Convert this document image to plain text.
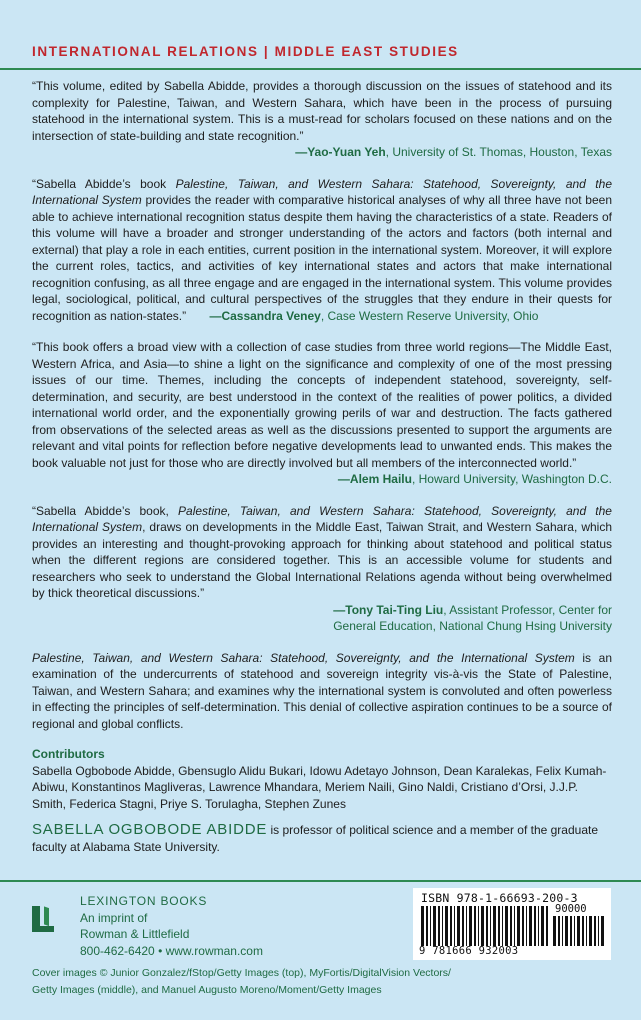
INTERNATIONAL RELATIONS | MIDDLE EAST STUDIES

“This volume, edited by Sabella Abidde, provides a thorough discussion on the issues of statehood and its complexity for Palestine, Taiwan, and Western Sahara, which have been in the process of pursuing statehood in the international system. This is a must-read for scholars focused on these nations and on the intersection of state-building and state recognition.”

—Yao-Yuan Yeh, University of St. Thomas, Houston, Texas

“Sabella Abidde’s book Palestine, Taiwan, and Western Sahara: Statehood, Sovereignty, and the International System provides the reader with comparative historical analyses of why all three have not been able to achieve international recognition status despite them having the characteristics of a state. Readers of this volume will have a broader and stronger understanding of the actors and factors (both internal and external) that play a role in each entities, current position in the international system. Moreover, it will explore the current roles, tactics, and activities of key international states and actors that make international recognition confusing, as all three engage and are engaged in the international system. This volume provides legal, sociological, political, and cultural perspectives of the struggles that they endure in their quests for recognition as nation-states.” —Cassandra Veney, Case Western Reserve University, Ohio

“This book offers a broad view with a collection of case studies from three world regions—The Middle East, Western Africa, and Asia—to shine a light on the significance and complexity of one of the most pressing issues of our time. Themes, including the concepts of independent statehood, sovereignty, self-determination, and security, are best understood in the context of the realities of power politics, a divided international world order, and the exponentially growing perils of war and destruction. The facts gathered from observations of the selected areas as well as the discussions presented to support the arguments are relevant and vital points for reflection before negative developments lead to unwanted ends. This makes the book valuable not just for those who are directly involved but all members of the interconnected world.”

—Alem Hailu, Howard University, Washington D.C.

“Sabella Abidde’s book, Palestine, Taiwan, and Western Sahara: Statehood, Sovereignty, and the International System, draws on developments in the Middle East, Taiwan Strait, and Western Sahara, which provides an interesting and thought-provoking approach for thinking about statehood and political status when the different regions are considered together. This is an accessible volume for students and researchers who seek to understand the Global International Relations agenda without being overwhelmed by thick theoretical discussions.”

—Tony Tai-Ting Liu, Assistant Professor, Center for
General Education, National Chung Hsing University

Palestine, Taiwan, and Western Sahara: Statehood, Sovereignty, and the International System is an examination of the undercurrents of statehood and sovereign integrity vis-à-vis the State of Palestine, Taiwan, and Western Sahara; and examines why the international system is convoluted and often powerless in effecting the principles of self-determination. This denial of collective aspiration continues to be a source of regional and global conflicts.

Contributors

Sabella Ogbobode Abidde, Gbensuglo Alidu Bukari, Idowu Adetayo Johnson, Dean Karalekas, Felix Kumah-Abiwu, Konstantinos Magliveras, Lawrence Mhandara, Meriem Naili, Gino Naldi, Cristiano d’Orsi, J.J.P. Smith, Federica Stagni, Priye S. Torulagha, Stephen Zunes

SABELLA OGBOBODE ABIDDE is professor of political science and a member of the graduate faculty at Alabama State University.

LEXINGTON BOOKS
An imprint of
Rowman & Littlefield
800-462-6420 • www.rowman.com
ISBN 978-1-66693-200-3
90000
9 781666 932003
Cover images © Junior Gonzalez/fStop/Getty Images (top), MyFortis/DigitalVision Vectors/
Getty Images (middle), and Manuel Augusto Moreno/Moment/Getty Images
